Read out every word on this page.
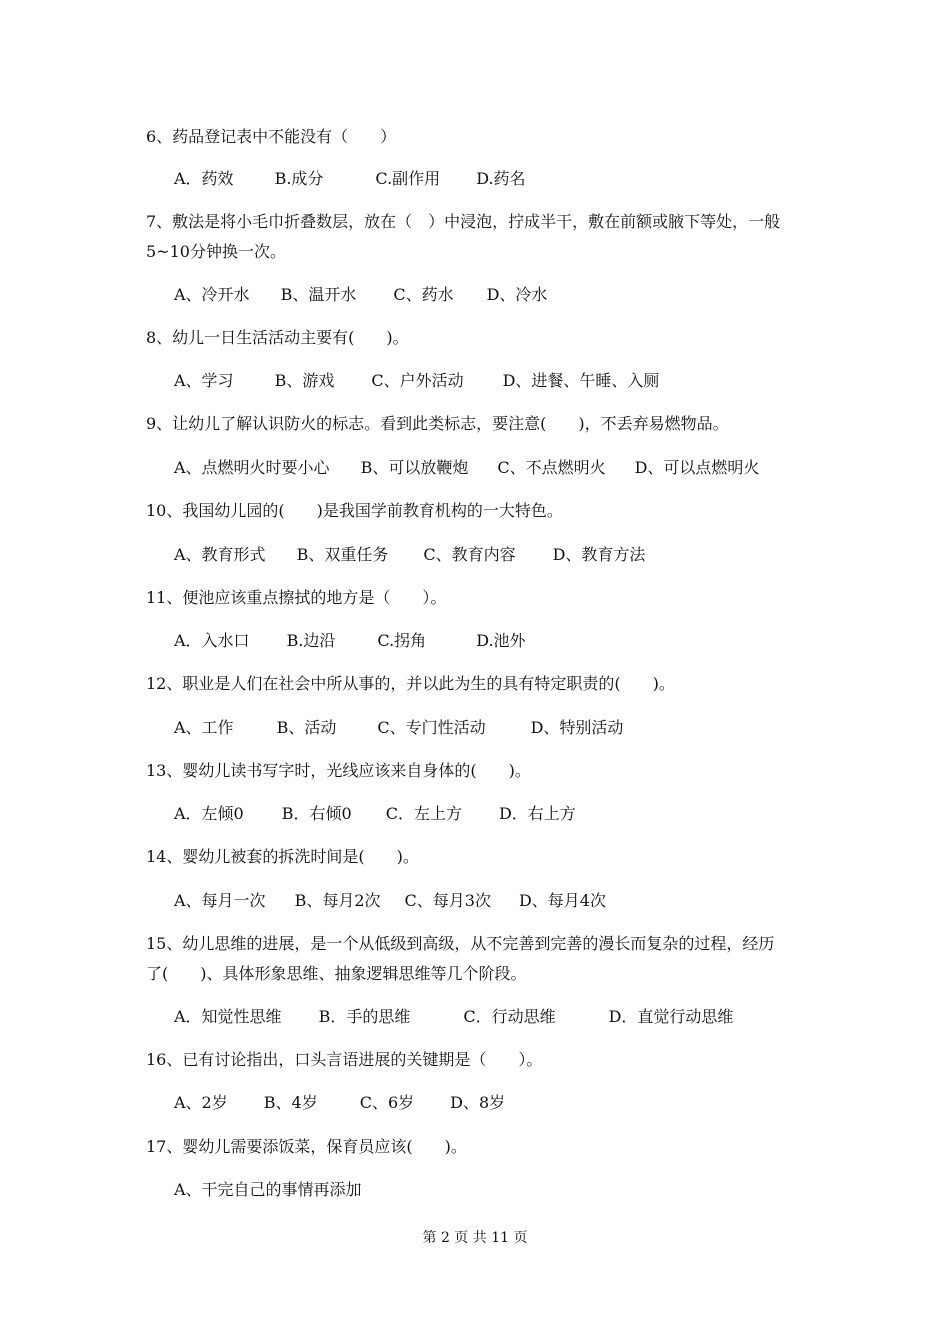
6、药品登记表中不能没有（　　）
A．药效	B.成分	C.副作用 D.药名
7、敷法是将小毛巾折叠数层，放在（　）中浸泡，拧成半干，敷在前额或腋下等处，一般
5~10分钟换一次。
A、冷开水 B、温开水 C、药水 D、冷水
8、幼儿一日生活活动主要有(　　)。
A、学习	B、游戏 C、户外活动 D、进餐、午睡、入厕
9、让幼儿了解认识防火的标志。看到此类标志，要注意(　　)，不丢弃易燃物品。
A、点燃明火时要小心 B、可以放鞭炮 C、不点燃明火 D、可以点燃明火
10、我国幼儿园的(　　)是我国学前教育机构的一大特色。
A、教育形式 B、双重任务 C、教育内容 D、教育方法
11、便池应该重点擦拭的地方是（　　）。
A．入水口 B.边沿	C.拐角	D.池外
12、职业是人们在社会中所从事的，并以此为生的具有特定职责的(　　)。
A、工作	B、活动	C、专门性活动	D、特别活动
13、婴幼儿读书写字时，光线应该来自身体的(　　)。
A．左倾0 B．右倾0 C．左上方 D．右上方
14、婴幼儿被套的拆洗时间是(　　)。
A、每月一次 B、每月2次 C、每月3次 D、每月4次
15、幼儿思维的进展，是一个从低级到高级，从不完善到完善的漫长而复杂的过程，经历
了(　　)、具体形象思维、抽象逻辑思维等几个阶段。
A．知觉性思维 B．手的思维	C．行动思维	D．直觉行动思维
16、已有讨论指出，口头言语进展的关键期是（　　）。
A、2岁 B、4岁	C、6岁 D、8岁
17、婴幼儿需要添饭菜，保育员应该(　　)。
A、干完自己的事情再添加
第 2 页 共 11 页
